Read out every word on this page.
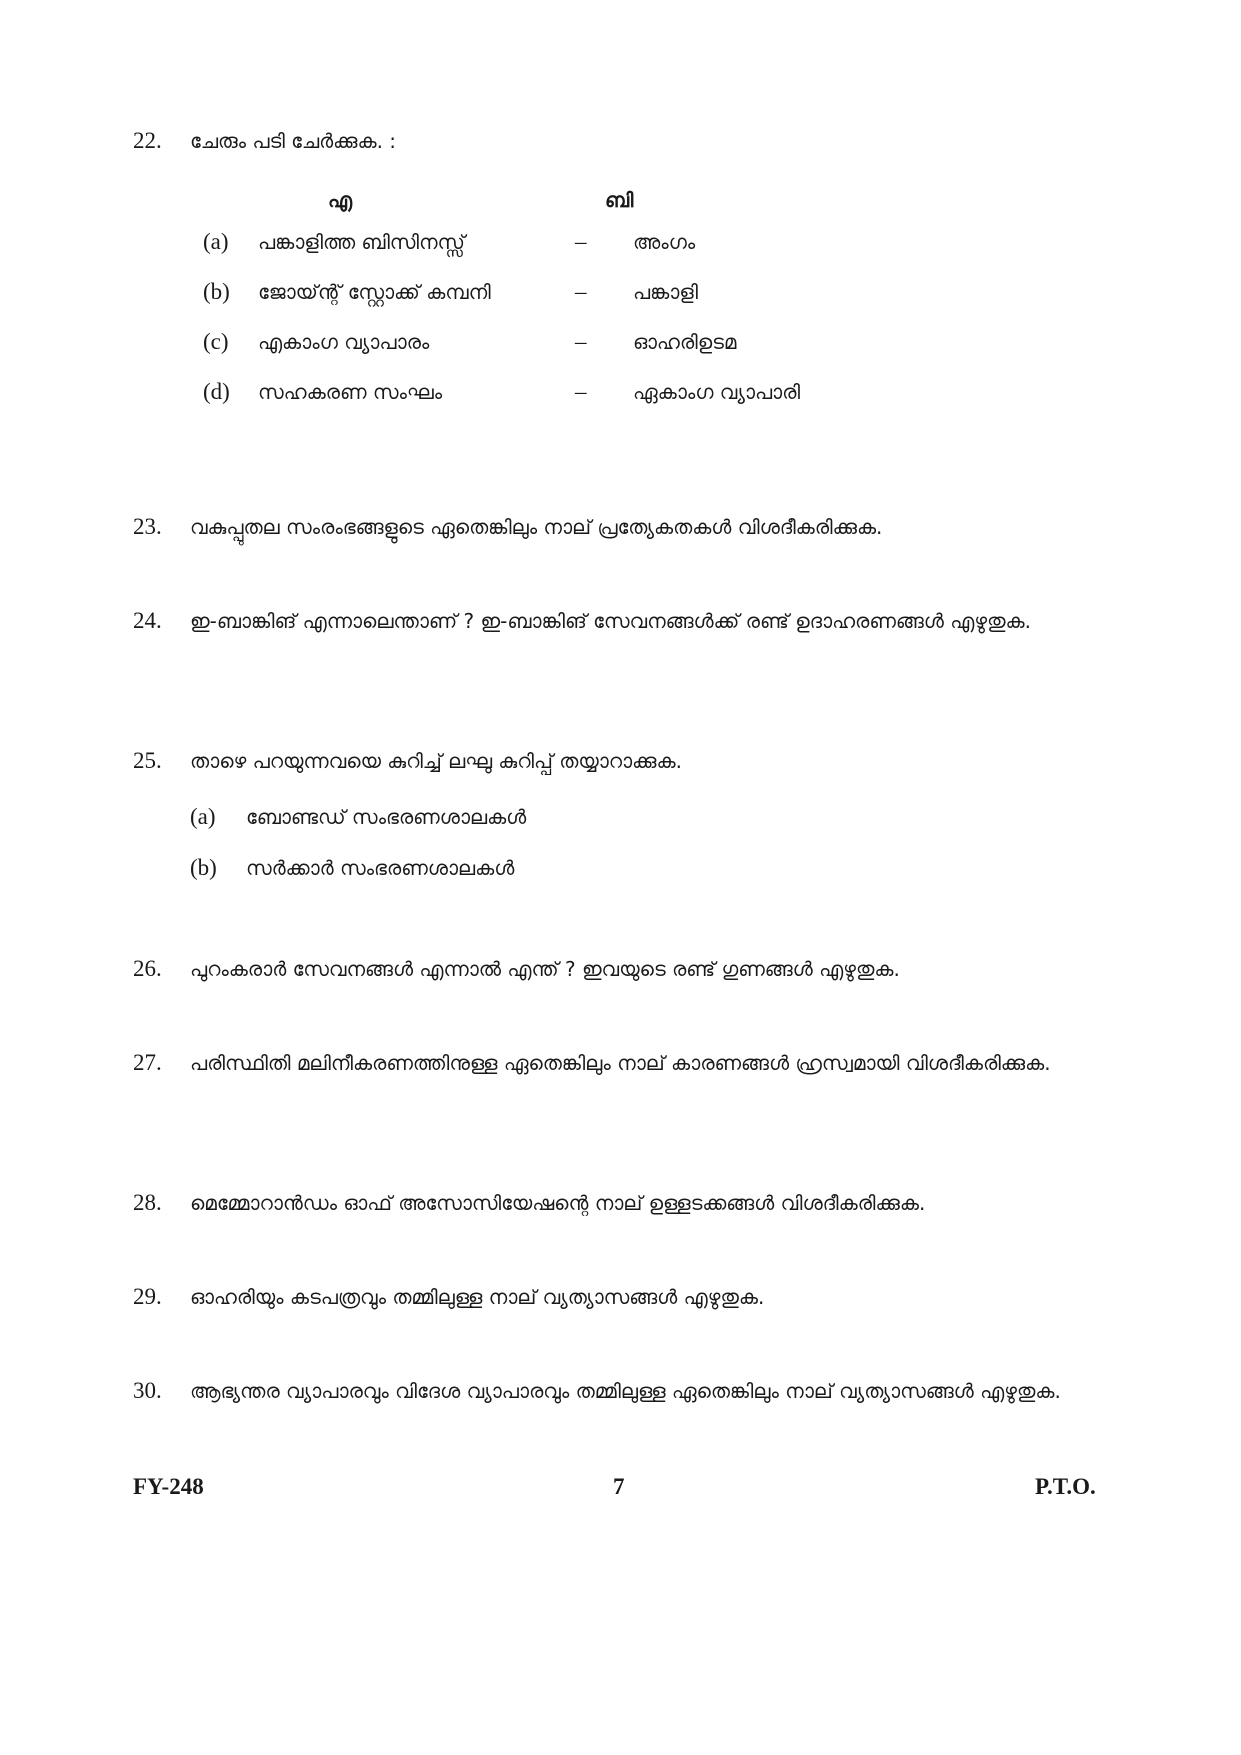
22.	ചേരും പടി ചേർക്കുക. :
എ	ബി
(a) പങ്കാളിത്ത ബിസിനസ്സ്	– അംഗം
(b) ജോയ്ന്റ് സ്റ്റോക്ക് കമ്പനി	– പങ്കാളി
(c) എകാംഗ വ്യാപാരം	– ഓഹരിഉടമ
(d) സഹകരണ സംഘം	– ഏകാംഗ വ്യാപാരി
23.	വകുപ്പുതല സംരംഭങ്ങളുടെ ഏതെങ്കിലും നാല് പ്രത്യേകതകൾ വിശദീകരിക്കുക.
24.	ഇ-ബാങ്കിങ് എന്നാലെന്താണ് ? ഇ-ബാങ്കിങ് സേവനങ്ങൾക്ക് രണ്ട് ഉദാഹരണങ്ങൾ എഴുതുക.
25.	താഴെ പറയുന്നവയെ കുറിച്ച് ലഘു കുറിപ്പ് തയ്യാറാക്കുക.
(a) ബോണ്ടഡ് സംഭരണശാലകൾ
(b) സർക്കാർ സംഭരണശാലകൾ
26.	പുറംകരാർ സേവനങ്ങൾ എന്നാൽ എന്ത് ? ഇവയുടെ രണ്ട് ഗുണങ്ങൾ എഴുതുക.
27.	പരിസ്ഥിതി മലിനീകരണത്തിനുള്ള ഏതെങ്കിലും നാല് കാരണങ്ങൾ ഹ്രസ്വമായി വിശദീകരിക്കുക.
28.	മെമ്മോറാൻഡം ഓഫ് അസോസിയേഷന്റെ നാല് ഉള്ളടക്കങ്ങൾ വിശദീകരിക്കുക.
29.	ഓഹരിയും കടപത്രവും തമ്മിലുള്ള നാല് വ്യത്യാസങ്ങൾ എഴുതുക.
30.	ആഭ്യന്തര വ്യാപാരവും വിദേശ വ്യാപാരവും തമ്മിലുള്ള ഏതെങ്കിലും നാല് വ്യത്യാസങ്ങൾ എഴുതുക.
FY-248	7	P.T.O.
